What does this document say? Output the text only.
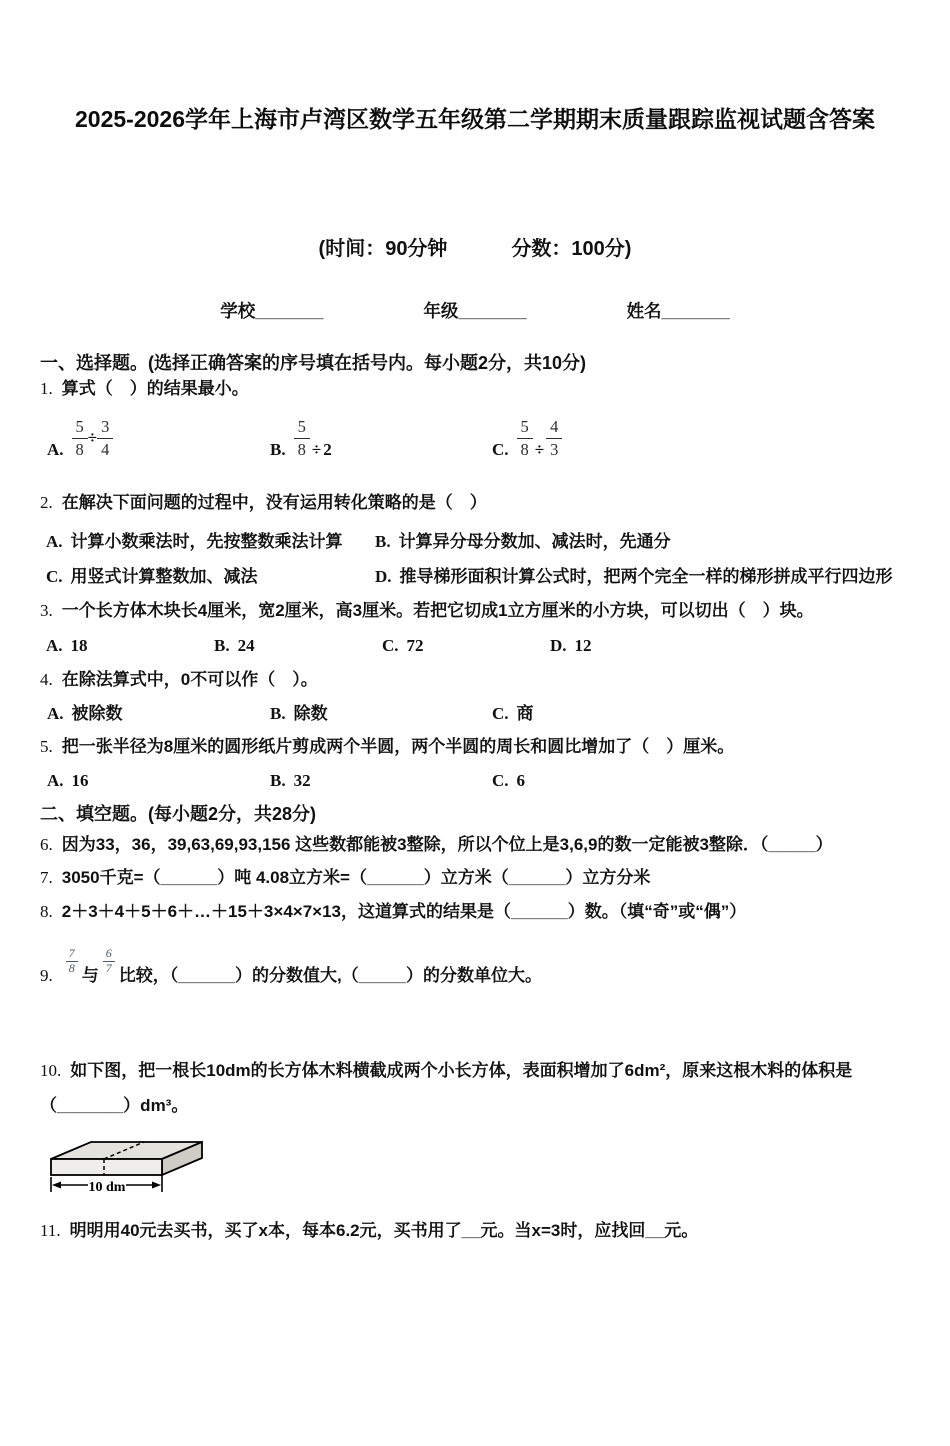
2025-2026学年上海市卢湾区数学五年级第二学期期末质量跟踪监视试题含答案
(时间：90分钟	分数：100分)
学校_______	年级_______	姓名_______
一、选择题。(选择正确答案的序号填在括号内。每小题2分，共10分)
1. 算式（　）的结果最小。
A. $\frac{5}{8} \div \frac{3}{4}$	B. $\frac{5}{8} \div 2$	C. $\frac{5}{8} \div \frac{4}{3}$
2. 在解决下面问题的过程中，没有运用转化策略的是（　）
A. 计算小数乘法时，先按整数乘法计算	B. 计算异分母分数加、减法时，先通分
C. 用竖式计算整数加、减法	D. 推导梯形面积计算公式时，把两个完全一样的梯形拼成平行四边形
3. 一个长方体木块长4厘米，宽2厘米，高3厘米。若把它切成1立方厘米的小方块，可以切出（　）块。
A. 18	B. 24	C. 72	D. 12
4. 在除法算式中，0不可以作（　）。
A. 被除数	B. 除数	C. 商
5. 把一张半径为8厘米的圆形纸片剪成两个半圆，两个半圆的周长和圆比增加了（　）厘米。
A. 16	B. 32	C. 6
二、填空题。(每小题2分，共28分)
6. 因为33，36，39,63,69,93,156 这些数都能被3整除，所以个位上是3,6,9的数一定能被3整除．（_____）
7. 3050千克=（______）吨 4.08立方米=（______）立方米（______）立方分米
8. 2＋3＋4＋5＋6＋…＋15＋3×4×7×13，这道算式的结果是（______）数。（填“奇”或“偶”）
9. $\frac{7}{8}$ 与 $\frac{6}{7}$ 比较，（______）的分数值大,（_____）的分数单位大。
10. 如下图，把一根长10dm的长方体木料横截成两个小长方体，表面积增加了6dm²，原来这根木料的体积是（_______）dm³。
10 dm
11. 明明用40元去买书，买了x本，每本6.2元，买书用了__元。当x=3时，应找回__元。
